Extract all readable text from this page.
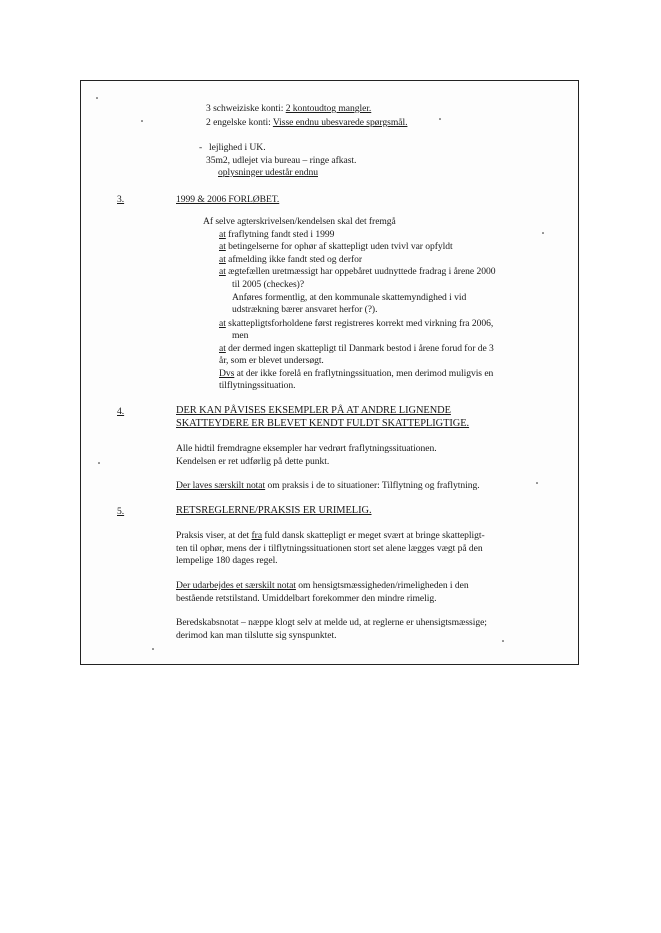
3 schweiziske konti: 2 kontoudtog mangler.
2 engelske konti: Visse endnu ubesvarede spørgsmål.
- lejlighed i UK.
35m2, udlejet via bureau – ringe afkast.
oplysninger udestår endnu
3.	1999 & 2006 FORLØBET.
Af selve agterskrivelsen/kendelsen skal det fremgå
at fraflytning fandt sted i 1999
at betingelserne for ophør af skattepligt uden tvivl var opfyldt
at afmelding ikke fandt sted og derfor
at ægtefællen uretmæssigt har oppebåret uudnyttede fradrag i årene 2000
til 2005 (checkes)?
Anføres formentlig, at den kommunale skattemyndighed i vid
udstrækning bærer ansvaret herfor (?).
at skattepligtsforholdene først registreres korrekt med virkning fra 2006,
men
at der dermed ingen skattepligt til Danmark bestod i årene forud for de 3
år, som er blevet undersøgt.
Dvs at der ikke forelå en fraflytningssituation, men derimod muligvis en
tilflytningssituation.
4.	DER KAN PÅVISES EKSEMPLER PÅ AT ANDRE LIGNENDE
SKATTEYDERE ER BLEVET KENDT FULDT SKATTEPLIGTIGE.
Alle hidtil fremdragne eksempler har vedrørt fraflytningssituationen.
Kendelsen er ret udførlig på dette punkt.
Der laves særskilt notat om praksis i de to situationer: Tilflytning og fraflytning.
5.	RETSREGLERNE/PRAKSIS ER URIMELIG.
Praksis viser, at det fra fuld dansk skattepligt er meget svært at bringe skattepligt-
ten til ophør, mens der i tilflytningssituationen stort set alene lægges vægt på den
lempelige 180 dages regel.
Der udarbejdes et særskilt notat om hensigtsmæssigheden/rimeligheden i den
bestående retstilstand. Umiddelbart forekommer den mindre rimelig.
Beredskabsnotat – næppe klogt selv at melde ud, at reglerne er uhensigtsmæssige;
derimod kan man tilslutte sig synspunktet.
